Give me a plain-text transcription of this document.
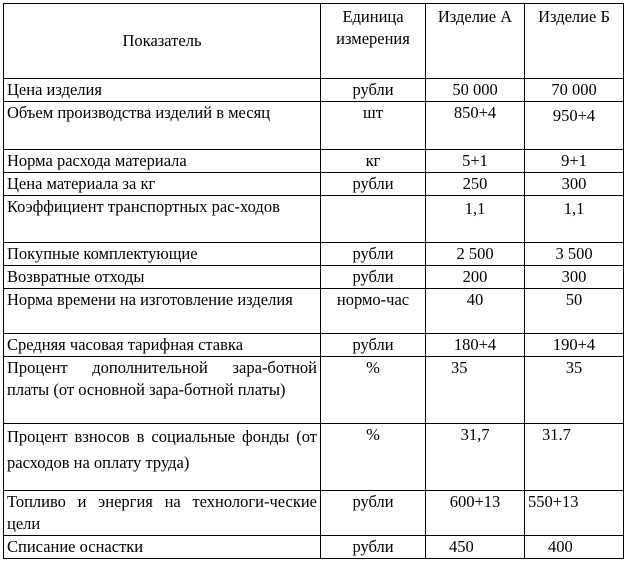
Показатель	Единица измерения	Изделие А	Изделие Б
Цена изделия	рубли	50 000	70 000
Объем производства изделий в месяц	шт	850+4	950+4
Норма расхода материала	кг	5+1	9+1
Цена материала за кг	рубли	250	300
Коэффициент транспортных рас-ходов		1,1	1,1
Покупные комплектующие	рубли	2 500	3 500
Возвратные отходы	рубли	200	300
Норма времени на изготовление изделия	нормо-час	40	50
Средняя часовая тарифная ставка	рубли	180+4	190+4
Процент дополнительной зара-ботной платы (от основной зара-ботной платы)	%	35	35
Процент взносов в социальные фонды (от расходов на оплату труда)	%	31,7	31.7
Топливо и энергия на технологи-ческие цели	рубли	600+13	550+13
Списание оснастки	рубли	450	400
